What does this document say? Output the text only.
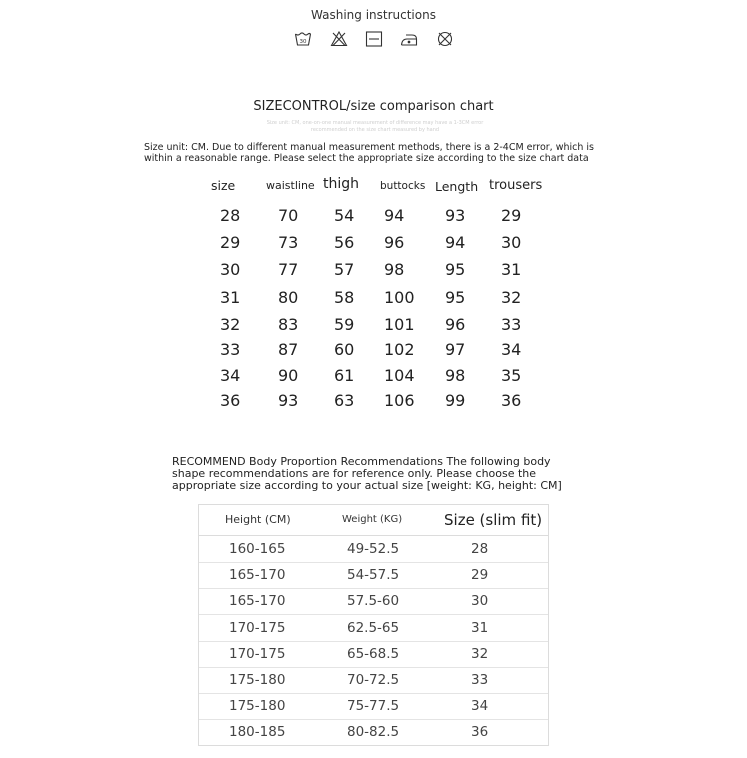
Washing instructions
30
SIZECONTROL/size comparison chart
Size unit: CM, one-on-one manual measurement of difference may have a 1-3CM error
recommended on the size chart measured by hand
Size unit: CM. Due to different manual measurement methods, there is a 2-4CM error, which is within a reasonable range. Please select the appropriate size according to the size chart data
size	waistline thigh buttocks Length trousers
28 70 54 94	93 29
29 73 56 96	94 30
30 77 57 98	95 31
31 80 58 100 95 32
32 83 59 101 96 33
33 87 60 102 97 34
34 90 61 104 98 35
36 93 63 106 99 36
RECOMMEND Body Proportion Recommendations The following body shape recommendations are for reference only. Please choose the appropriate size according to your actual size [weight: KG, height: CM]
Height (CM)	Weight (KG)	Size (slim fit)
160-165	49-52.5	28
165-170	54-57.5	29
165-170	57.5-60	30
170-175	62.5-65	31
170-175	65-68.5	32
175-180	70-72.5	33
175-180	75-77.5	34
180-185	80-82.5	36
